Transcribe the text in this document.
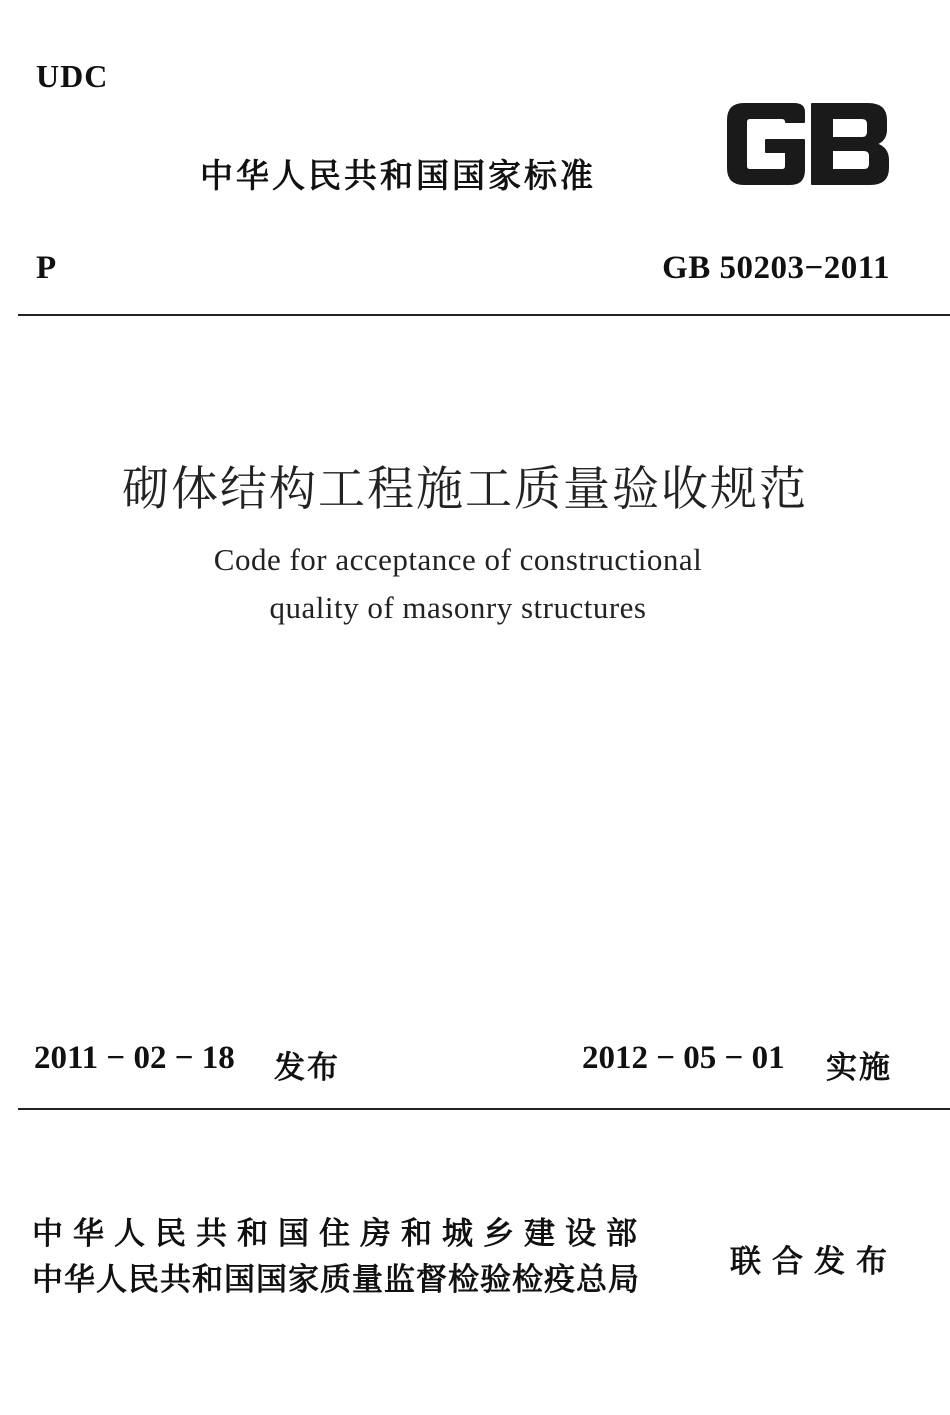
UDC
中华人民共和国国家标准
P	GB 50203−2011
砌体结构工程施工质量验收规范
Code for acceptance of constructional
quality of masonry structures
2011 − 02 − 18 发布	2012 − 05 − 01 实施
中华人民共和国住房和城乡建设部
中华人民共和国国家质量监督检验检疫总局	联合发布
